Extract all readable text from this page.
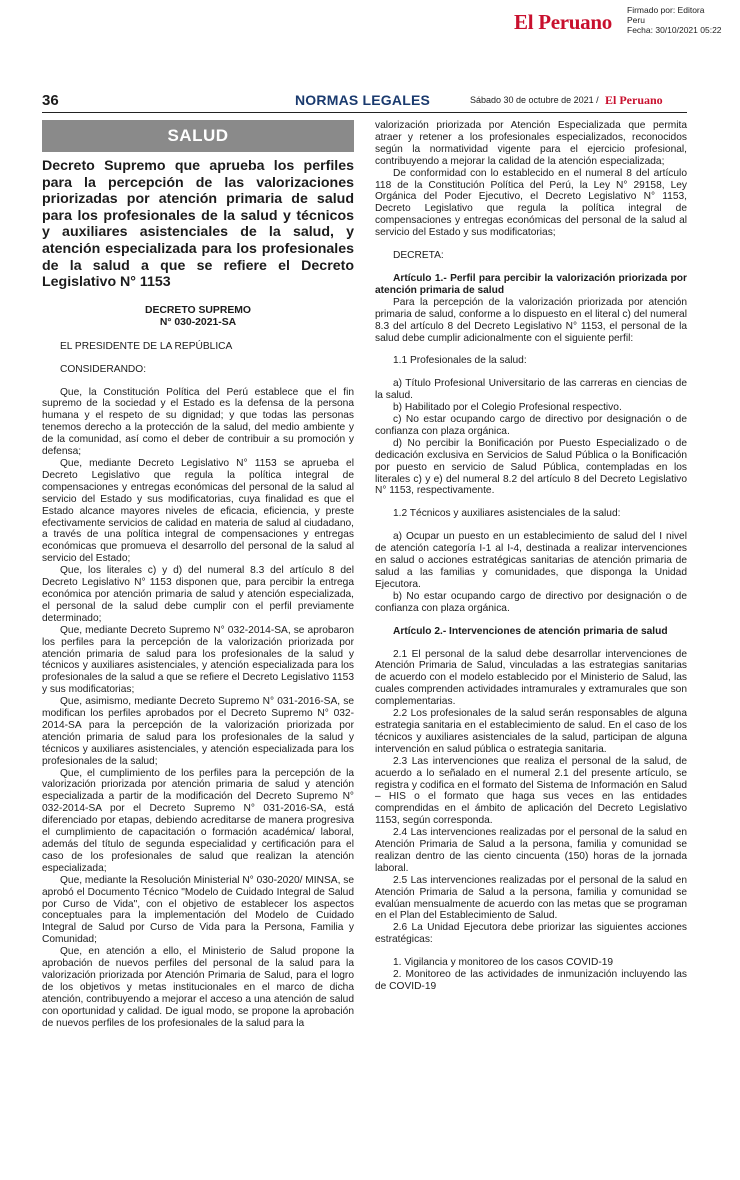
El Peruano Firmado por: Editora
Peru
Fecha: 30/10/2021 05:22
36	NORMAS LEGALES	Sábado 30 de octubre de 2021 / El Peruano
SALUD
Decreto Supremo que aprueba los perfiles para la percepción de las valorizaciones priorizadas por atención primaria de salud para los profesionales de la salud y técnicos y auxiliares asistenciales de la salud, y atención especializada para los profesionales de la salud a que se refiere el Decreto Legislativo N° 1153
DECRETO SUPREMO
N° 030-2021-SA

EL PRESIDENTE DE LA REPÚBLICA

CONSIDERANDO:

Que, la Constitución Política del Perú establece que el fin supremo de la sociedad y el Estado es la defensa de la persona humana y el respeto de su dignidad; y que todas las personas tenemos derecho a la protección de la salud, del medio ambiente y de la comunidad, así como el deber de contribuir a su promoción y defensa;

Que, mediante Decreto Legislativo N° 1153 se aprueba el Decreto Legislativo que regula la política integral de compensaciones y entregas económicas del personal de la salud al servicio del Estado y sus modificatorias, cuya finalidad es que el Estado alcance mayores niveles de eficacia, eficiencia, y preste efectivamente servicios de calidad en materia de salud al ciudadano, a través de una política integral de compensaciones y entregas económicas que promueva el desarrollo del personal de la salud al servicio del Estado;

Que, los literales c) y d) del numeral 8.3 del artículo 8 del Decreto Legislativo N° 1153 disponen que, para percibir la entrega económica por atención primaria de salud y atención especializada, el personal de la salud debe cumplir con el perfil previamente determinado;

Que, mediante Decreto Supremo N° 032-2014-SA, se aprobaron los perfiles para la percepción de la valorización priorizada por atención primaria de salud para los profesionales de la salud y técnicos y auxiliares asistenciales, y atención especializada para los profesionales de la salud a que se refiere el Decreto Legislativo 1153 y sus modificatorias;

Que, asimismo, mediante Decreto Supremo N° 031-2016-SA, se modifican los perfiles aprobados por el Decreto Supremo N° 032-2014-SA para la percepción de la valorización priorizada por atención primaria de salud para los profesionales de la salud y técnicos y auxiliares asistenciales, y atención especializada para los profesionales de la salud;

Que, el cumplimiento de los perfiles para la percepción de la valorización priorizada por atención primaria de salud y atención especializada a partir de la modificación del Decreto Supremo N° 032-2014-SA por el Decreto Supremo N° 031-2016-SA, está diferenciado por etapas, debiendo acreditarse de manera progresiva el cumplimiento de capacitación o formación académica/ laboral, además del título de segunda especialidad y certificación para el caso de los profesionales de salud que realizan la atención especializada;

Que, mediante la Resolución Ministerial N° 030-2020/ MINSA, se aprobó el Documento Técnico "Modelo de Cuidado Integral de Salud por Curso de Vida", con el objetivo de establecer los aspectos conceptuales para la implementación del Modelo de Cuidado Integral de Salud por Curso de Vida para la Persona, Familia y Comunidad;

Que, en atención a ello, el Ministerio de Salud propone la aprobación de nuevos perfiles del personal de la salud para la valorización priorizada por Atención Primaria de Salud, para el logro de los objetivos y metas institucionales en el marco de dicha atención, contribuyendo a mejorar el acceso a una atención de salud con oportunidad y calidad. De igual modo, se propone la aprobación de nuevos perfiles de los profesionales de la salud para la

valorización priorizada por Atención Especializada que permita atraer y retener a los profesionales especializados, reconocidos según la normatividad vigente para el ejercicio profesional, contribuyendo a mejorar la calidad de la atención especializada;

De conformidad con lo establecido en el numeral 8 del artículo 118 de la Constitución Política del Perú, la Ley N° 29158, Ley Orgánica del Poder Ejecutivo, el Decreto Legislativo N° 1153, Decreto Legislativo que regula la política integral de compensaciones y entregas económicas del personal de la salud al servicio del Estado y sus modificatorias;

DECRETA:

Artículo 1.- Perfil para percibir la valorización priorizada por atención primaria de salud

Para la percepción de la valorización priorizada por atención primaria de salud, conforme a lo dispuesto en el literal c) del numeral 8.3 del artículo 8 del Decreto Legislativo N° 1153, el personal de la salud debe cumplir adicionalmente con el siguiente perfil:

1.1 Profesionales de la salud:

a) Título Profesional Universitario de las carreras en ciencias de la salud.

b) Habilitado por el Colegio Profesional respectivo.

c) No estar ocupando cargo de directivo por designación o de confianza con plaza orgánica.

d) No percibir la Bonificación por Puesto Especializado o de dedicación exclusiva en Servicios de Salud Pública o la Bonificación por puesto en servicio de Salud Pública, contempladas en los literales c) y e) del numeral 8.2 del artículo 8 del Decreto Legislativo N° 1153, respectivamente.

1.2 Técnicos y auxiliares asistenciales de la salud:

a) Ocupar un puesto en un establecimiento de salud del I nivel de atención categoría I-1 al I-4, destinada a realizar intervenciones en salud o acciones estratégicas sanitarias de atención primaria de salud a las familias y comunidades, que disponga la Unidad Ejecutora.

b) No estar ocupando cargo de directivo por designación o de confianza con plaza orgánica.

Artículo 2.- Intervenciones de atención primaria de salud

2.1 El personal de la salud debe desarrollar intervenciones de Atención Primaria de Salud, vinculadas a las estrategias sanitarias de acuerdo con el modelo establecido por el Ministerio de Salud, las cuales comprenden actividades intramurales y extramurales que son complementarias.

2.2 Los profesionales de la salud serán responsables de alguna estrategia sanitaria en el establecimiento de salud. En el caso de los técnicos y auxiliares asistenciales de la salud, participan de alguna intervención en salud pública o estrategia sanitaria.

2.3 Las intervenciones que realiza el personal de la salud, de acuerdo a lo señalado en el numeral 2.1 del presente artículo, se registra y codifica en el formato del Sistema de Información en Salud – HIS o el formato que haga sus veces en las entidades comprendidas en el ámbito de aplicación del Decreto Legislativo 1153, según corresponda.

2.4 Las intervenciones realizadas por el personal de la salud en Atención Primaria de Salud a la persona, familia y comunidad se realizan dentro de las ciento cincuenta (150) horas de la jornada laboral.

2.5 Las intervenciones realizadas por el personal de la salud en Atención Primaria de Salud a la persona, familia y comunidad se evalúan mensualmente de acuerdo con las metas que se programan en el Plan del Establecimiento de Salud.

2.6 La Unidad Ejecutora debe priorizar las siguientes acciones estratégicas:

1. Vigilancia y monitoreo de los casos COVID-19

2. Monitoreo de las actividades de inmunización incluyendo las de COVID-19
